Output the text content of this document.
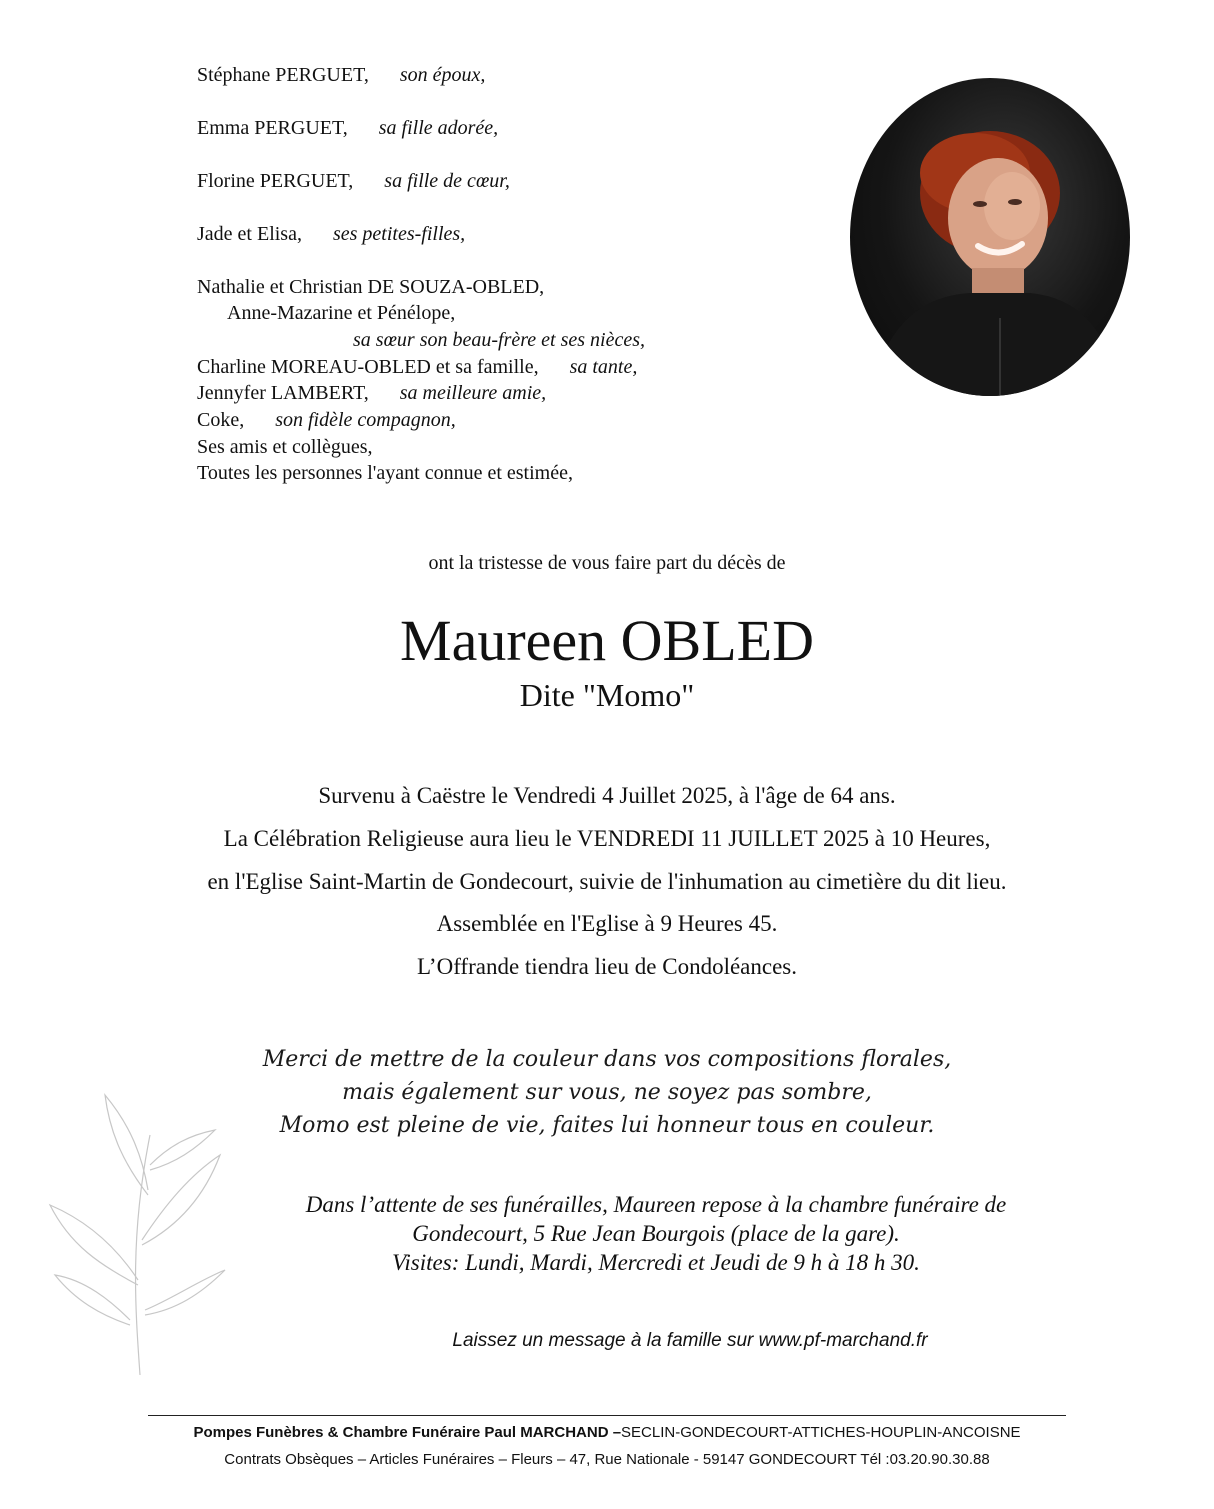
Stéphane PERGUET, son époux,
Emma PERGUET, sa fille adorée,
Florine PERGUET, sa fille de cœur,
Jade et Elisa, ses petites-filles,
Nathalie et Christian DE SOUZA-OBLED,
Anne-Mazarine et Pénélope,
sa sœur son beau-frère et ses nièces,
Charline MOREAU-OBLED et sa famille, sa tante,
Jennyfer LAMBERT, sa meilleure amie,
Coke, son fidèle compagnon,
Ses amis et collègues,
Toutes les personnes l'ayant connue et estimée,
ont la tristesse de vous faire part du décès de
Maureen OBLED
Dite "Momo"
Survenu à Caëstre le Vendredi 4 Juillet 2025, à l'âge de 64 ans.
La Célébration Religieuse aura lieu le VENDREDI 11 JUILLET 2025 à 10 Heures,
en l'Eglise Saint-Martin de Gondecourt, suivie de l'inhumation au cimetière du dit lieu.
Assemblée en l'Eglise à 9 Heures 45.
L’Offrande tiendra lieu de Condoléances.
Merci de mettre de la couleur dans vos compositions florales,
mais également sur vous, ne soyez pas sombre,
Momo est pleine de vie, faites lui honneur tous en couleur.
Dans l’attente de ses funérailles, Maureen repose à la chambre funéraire de
Gondecourt, 5 Rue Jean Bourgois (place de la gare).
Visites: Lundi, Mardi, Mercredi et Jeudi de 9 h à 18 h 30.
Laissez un message à la famille sur www.pf-marchand.fr
Pompes Funèbres & Chambre Funéraire Paul MARCHAND –SECLIN-GONDECOURT-ATTICHES-HOUPLIN-ANCOISNE
Contrats Obsèques – Articles Funéraires – Fleurs – 47, Rue Nationale - 59147 GONDECOURT Tél :03.20.90.30.88
